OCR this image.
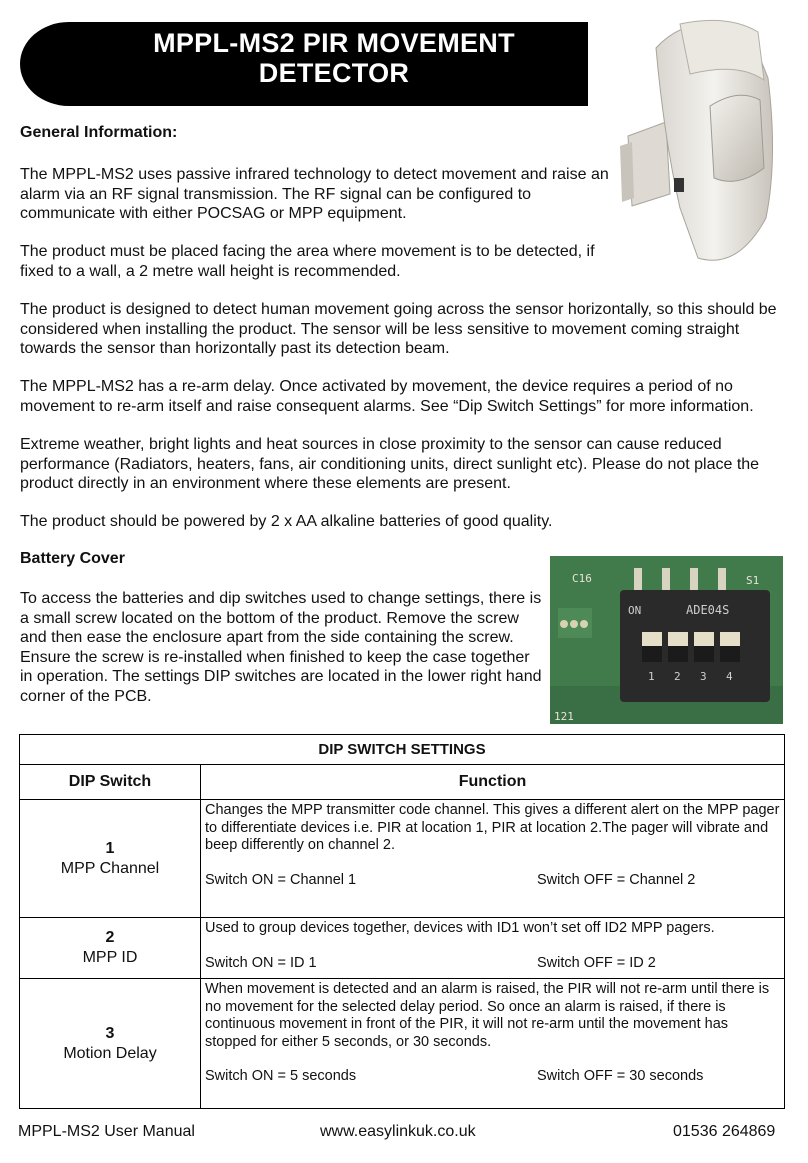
MPPL-MS2 PIR MOVEMENT
DETECTOR
General Information:

The MPPL-MS2 uses passive infrared technology to detect movement and raise an alarm via an RF signal transmission. The RF signal can be configured to communicate with either POCSAG or MPP equipment.

The product must be placed facing the area where movement is to be detected, if fixed to a wall, a 2 metre wall height is recommended.

The product is designed to detect human movement going across the sensor horizontally, so this should be considered when installing the product. The sensor will be less sensitive to movement coming straight towards the sensor than horizontally past its detection beam.

The MPPL-MS2 has a re-arm delay. Once activated by movement, the device requires a period of no movement to re-arm itself and raise consequent alarms. See “Dip Switch Settings” for more information.

Extreme weather, bright lights and heat sources in close proximity to the sensor can cause reduced performance (Radiators, heaters, fans, air conditioning units, direct sunlight etc). Please do not place the product directly in an environment where these elements are present.

The product should be powered by 2 x AA alkaline batteries of good quality.

Battery Cover

To access the batteries and dip switches used to change settings, there is a small screw located on the bottom of the product. Remove the screw and then ease the enclosure apart from the side containing the screw. Ensure the screw is re-installed when finished to keep the case together in operation. The settings DIP switches are located in the lower right hand corner of the PCB.

C16	S1
ON	ADE04S
1 2 3 4
121
DIP SWITCH SETTINGS	
DIP Switch	Function

1
MPP Channel	Changes the MPP transmitter code channel. This gives a different alert on the MPP pager to differentiate devices i.e. PIR at location 1, PIR at location 2.The pager will vibrate and beep differently on channel 2.
Switch ON = Channel 1 Switch OFF = Channel 2

2
MPP ID	Used to group devices together, devices with ID1 won’t set off ID2 MPP pagers.
Switch ON = ID 1 Switch OFF = ID 2

3
Motion Delay	When movement is detected and an alarm is raised, the PIR will not re-arm until there is no movement for the selected delay period. So once an alarm is raised, if there is continuous movement in front of the PIR, it will not re-arm until the movement has stopped for either 5 seconds, or 30 seconds.
Switch ON = 5 seconds Switch OFF = 30 seconds
MPPL-MS2 User Manual	www.easylinkuk.co.uk	01536 264869
